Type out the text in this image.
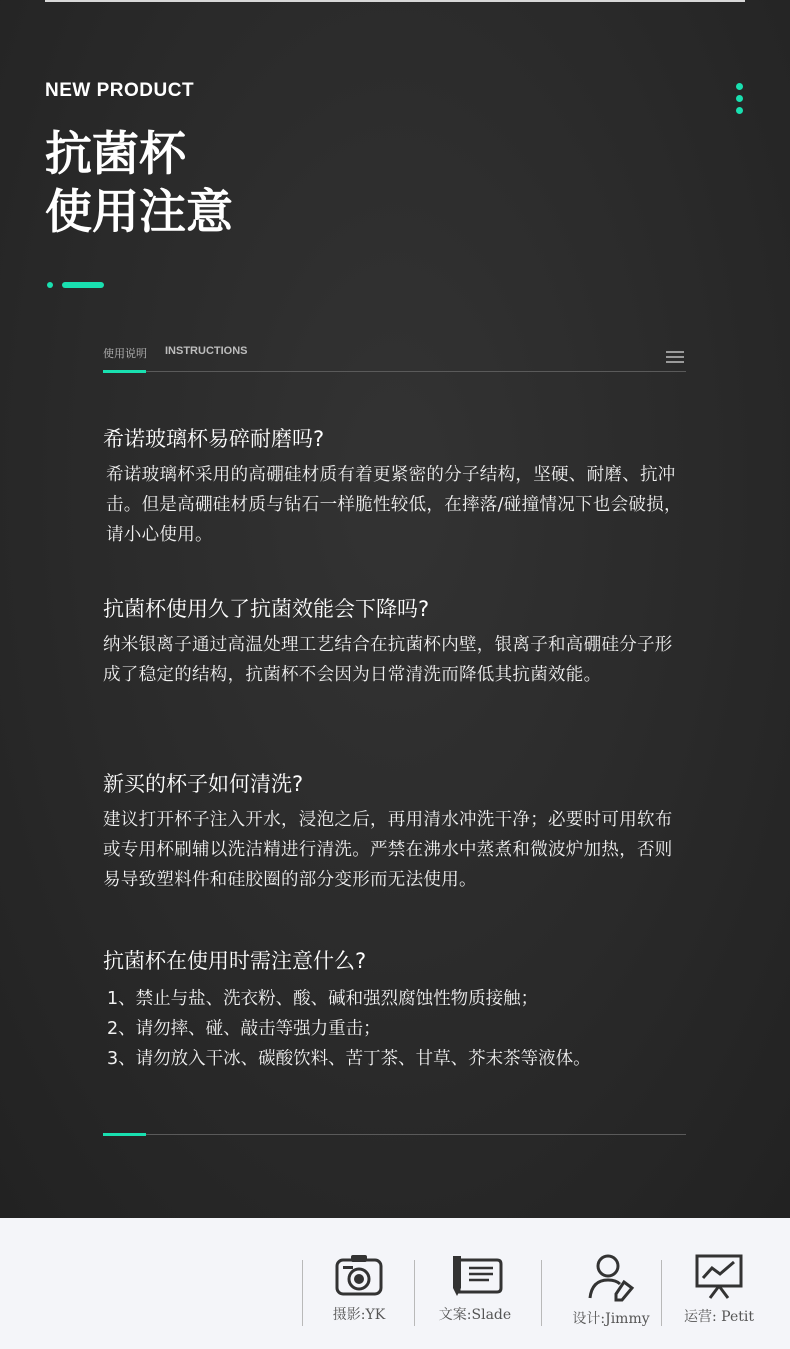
NEW PRODUCT
抗菌杯
使用注意
使用说明 INSTRUCTIONS
希诺玻璃杯易碎耐磨吗?

希诺玻璃杯采用的高硼硅材质有着更紧密的分子结构，坚硬、耐磨、抗冲击。但是高硼硅材质与钻石一样脆性较低，在摔落/碰撞情况下也会破损，请小心使用。

抗菌杯使用久了抗菌效能会下降吗?

纳米银离子通过高温处理工艺结合在抗菌杯内壁，银离子和高硼硅分子形成了稳定的结构，抗菌杯不会因为日常清洗而降低其抗菌效能。

新买的杯子如何清洗?

建议打开杯子注入开水，浸泡之后，再用清水冲洗干净；必要时可用软布或专用杯刷辅以洗洁精进行清洗。严禁在沸水中蒸煮和微波炉加热，否则易导致塑料件和硅胶圈的部分变形而无法使用。

抗菌杯在使用时需注意什么?
1、禁止与盐、洗衣粉、酸、碱和强烈腐蚀性物质接触；
2、请勿摔、碰、敲击等强力重击；
3、请勿放入干冰、碳酸饮料、苦丁茶、甘草、芥末茶等液体。
摄影:YK	文案:Slade	设计:Jimmy	运营: Petit
